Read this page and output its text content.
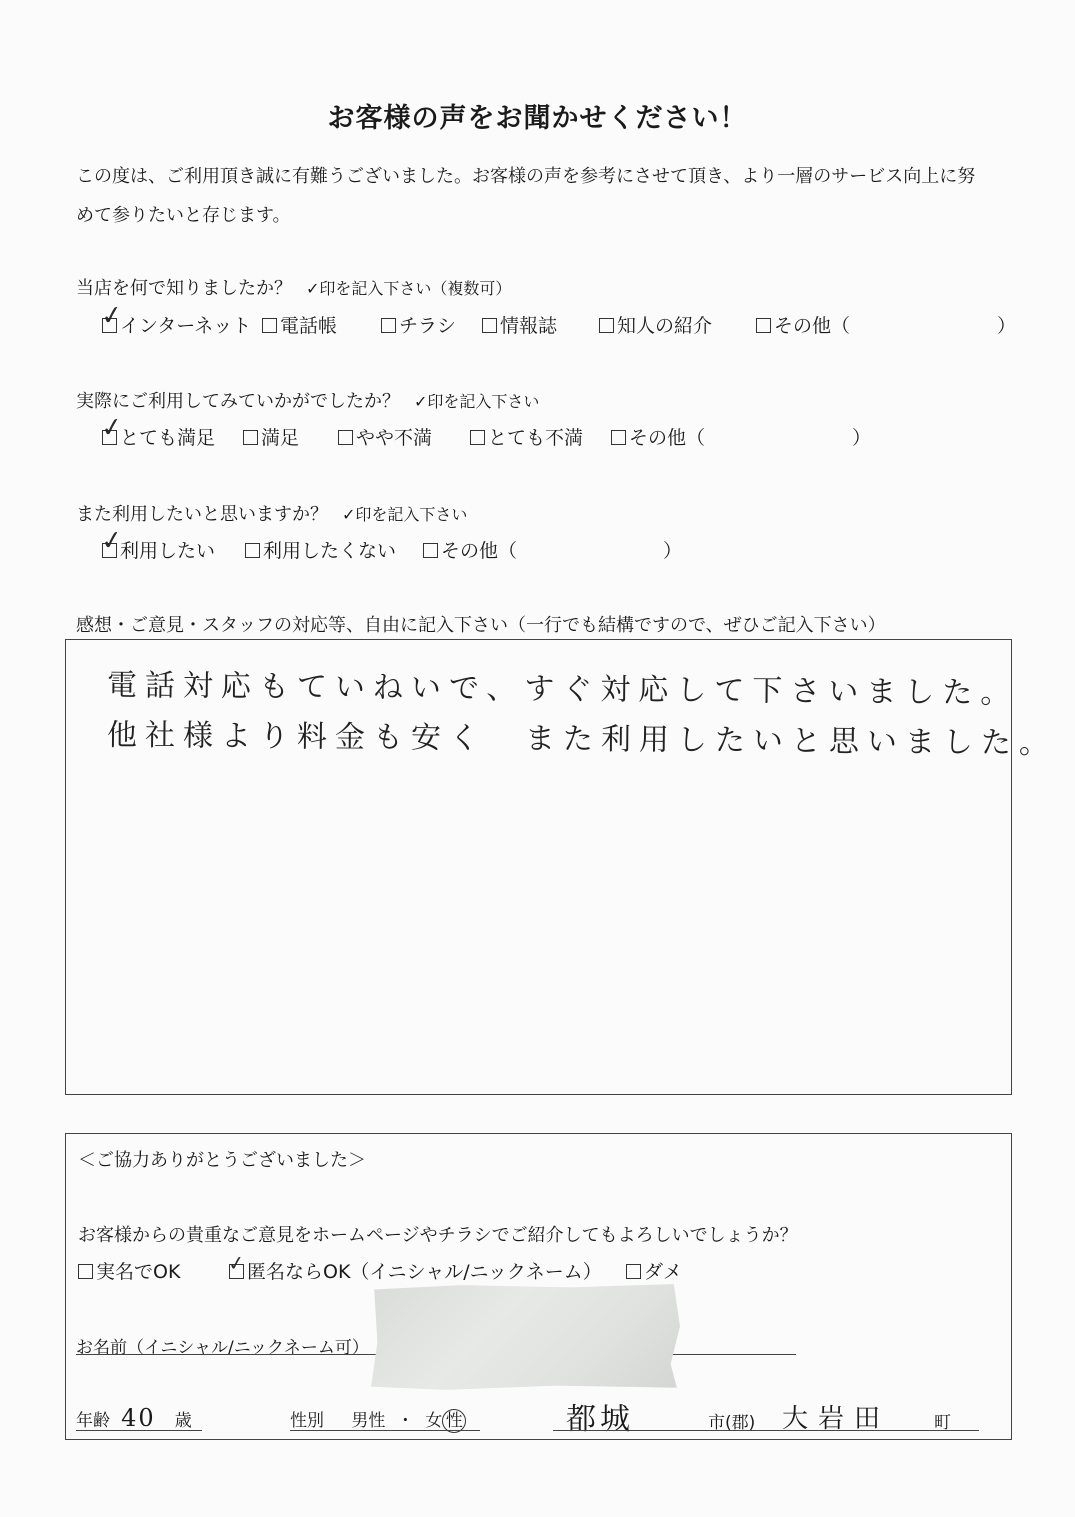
お客様の声をお聞かせください！
この度は、ご利用頂き誠に有難うございました。お客様の声を参考にさせて頂き、より一層のサービス向上に努
めて参りたいと存じます。
当店を何で知りましたか？ ✓印を記入下さい（複数可）
✓
インターネット	電話帳	チラシ	情報誌	知人の紹介	その他（	）
実際にご利用してみていかがでしたか？ ✓印を記入下さい
✓
とても満足	満足	やや不満	とても不満	その他（	）
また利用したいと思いますか？ ✓印を記入下さい
✓
利用したい	利用したくない	その他（	）
感想・ご意見・スタッフの対応等、自由に記入下さい（一行でも結構ですので、ぜひご記入下さい）
電話対応もていねいで、すぐ対応して下さいました。
他社様より料金も安く　また利用したいと思いました。
＜ご協力ありがとうございました＞
お客様からの貴重なご意見をホームページやチラシでご紹介してもよろしいでしょうか？
実名でOK ✓ 匿名ならOK（イニシャル/ニックネーム）	ダメ
お名前（イニシャル/ニックネーム可）
年齢 40 歳	性別 男性 ・ 女 性	都城	市(郡) 大岩田	町
